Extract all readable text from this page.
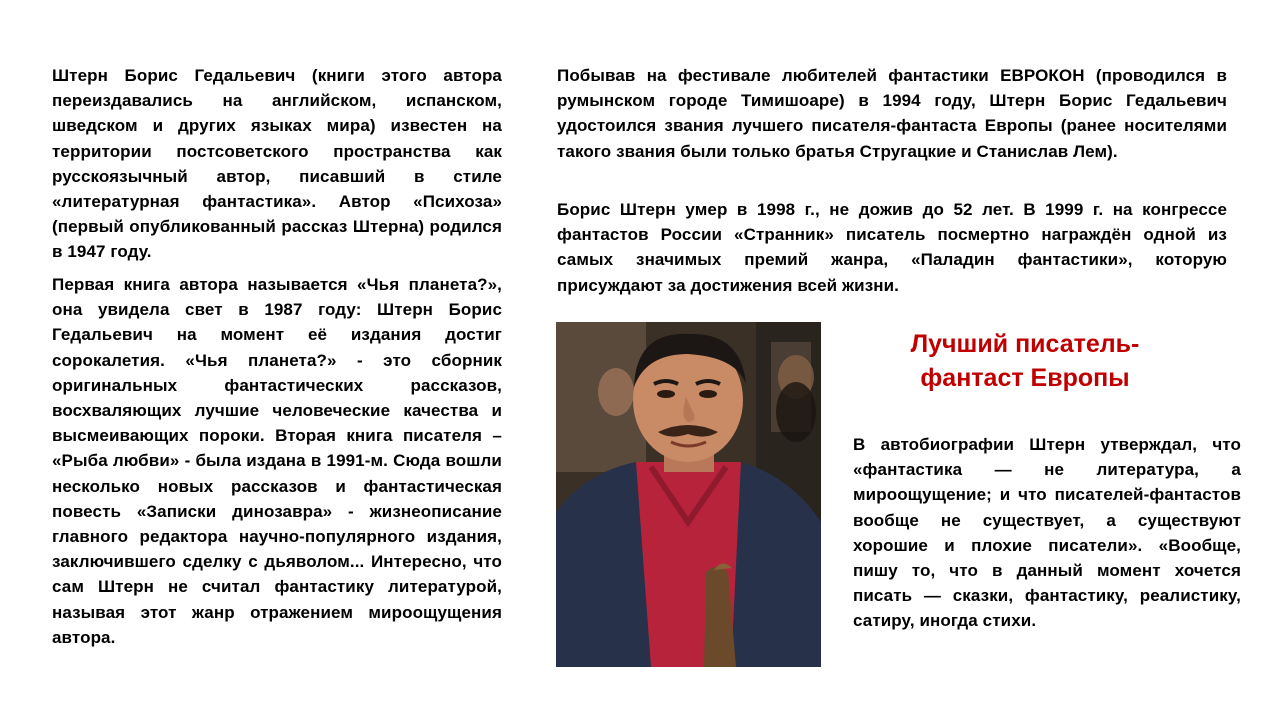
Штерн Борис Гедальевич (книги этого автора переиздавались на английском, испанском, шведском и других языках мира) известен на территории постсоветского пространства как русскоязычный автор, писавший в стиле «литературная фантастика». Автор «Психоза» (первый опубликованный рассказ Штерна) родился в 1947 году.

Первая книга автора называется «Чья планета?», она увидела свет в 1987 году: Штерн Борис Гедальевич на момент её издания достиг сорокалетия. «Чья планета?» - это сборник оригинальных фантастических рассказов, восхваляющих лучшие человеческие качества и высмеивающих пороки. Вторая книга писателя – «Рыба любви» - была издана в 1991-м. Сюда вошли несколько новых рассказов и фантастическая повесть «Записки динозавра» - жизнеописание главного редактора научно-популярного издания, заключившего сделку с дьяволом... Интересно, что сам Штерн не считал фантастику литературой, называя этот жанр отражением мироощущения автора.

Побывав на фестивале любителей фантастики ЕВРОКОН (проводился в румынском городе Тимишоаре) в 1994 году, Штерн Борис Гедальевич удостоился звания лучшего писателя-фантаста Европы (ранее носителями такого звания были только братья Стругацкие и Станислав Лем).

Борис Штерн умер в 1998 г., не дожив до 52 лет. В 1999 г. на конгрессе фантастов России «Странник» писатель посмертно награждён одной из самых значимых премий жанра, «Паладин фантастики», которую присуждают за достижения всей жизни.

Лучший писатель-
фантаст Европы

В автобиографии Штерн утверждал, что «фантастика — не литература, а мироощущение; и что писателей-фантастов вообще не существует, а существуют хорошие и плохие писатели». «Вообще, пишу то, что в данный момент хочется писать — сказки, фантастику, реалистику, сатиру, иногда стихи.
